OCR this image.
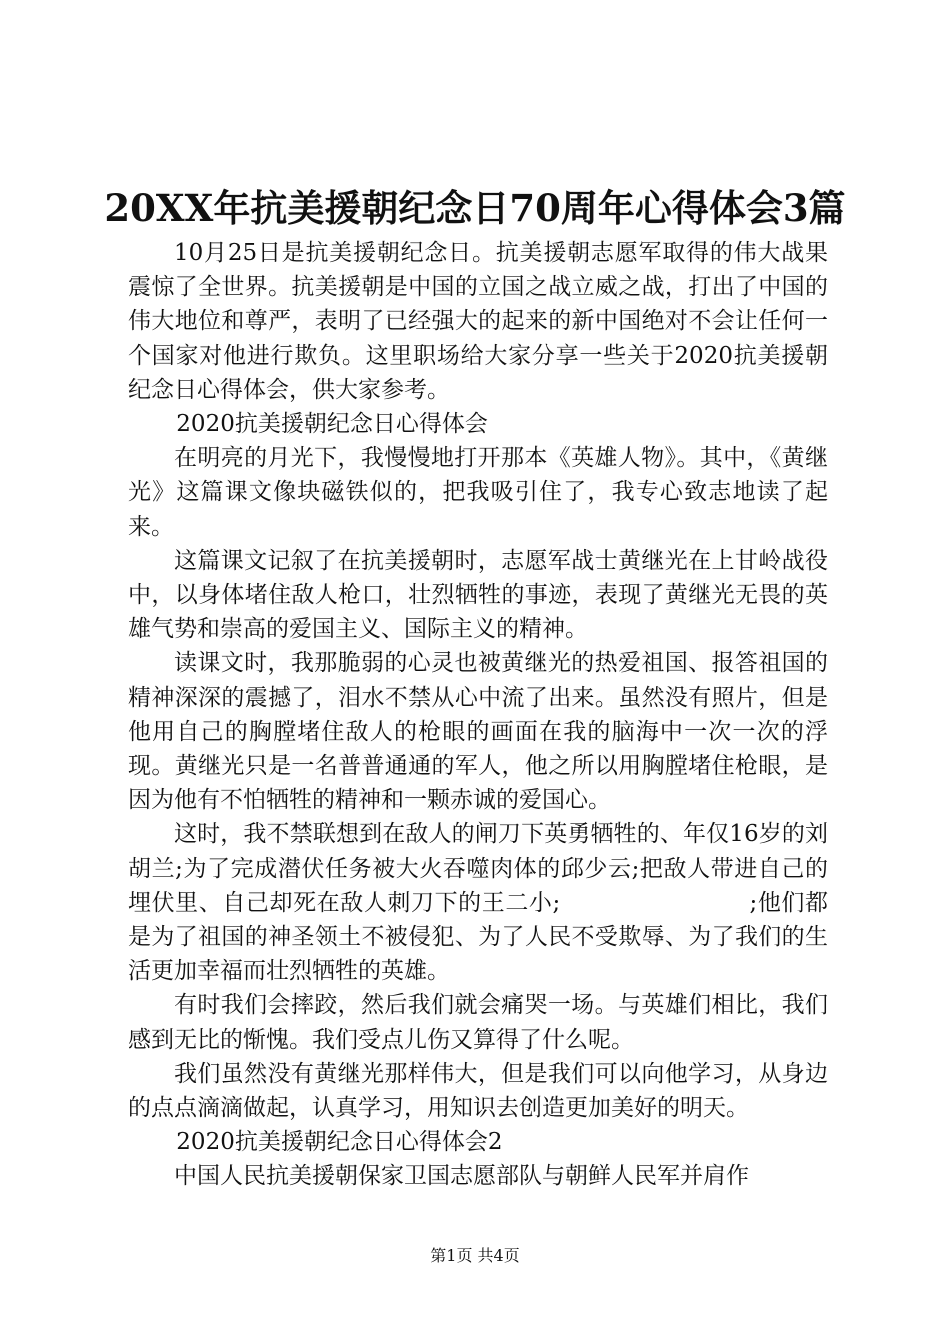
20XX年抗美援朝纪念日70周年心得体会3篇

10月25日是抗美援朝纪念日。抗美援朝志愿军取得的伟大战果震惊了全世界。抗美援朝是中国的立国之战立威之战，打出了中国的伟大地位和尊严，表明了已经强大的起来的新中国绝对不会让任何一个国家对他进行欺负。这里职场给大家分享一些关于2020抗美援朝纪念日心得体会，供大家参考。

2020抗美援朝纪念日心得体会

在明亮的月光下，我慢慢地打开那本《英雄人物》。其中，《黄继光》这篇课文像块磁铁似的，把我吸引住了，我专心致志地读了起来。

这篇课文记叙了在抗美援朝时，志愿军战士黄继光在上甘岭战役中，以身体堵住敌人枪口，壮烈牺牲的事迹，表现了黄继光无畏的英雄气势和崇高的爱国主义、国际主义的精神。

读课文时，我那脆弱的心灵也被黄继光的热爱祖国、报答祖国的精神深深的震撼了，泪水不禁从心中流了出来。虽然没有照片，但是他用自己的胸膛堵住敌人的枪眼的画面在我的脑海中一次一次的浮现。黄继光只是一名普普通通的军人，他之所以用胸膛堵住枪眼，是因为他有不怕牺牲的精神和一颗赤诚的爱国心。

这时，我不禁联想到在敌人的闸刀下英勇牺牲的、年仅16岁的刘胡兰;为了完成潜伏任务被大火吞噬肉体的邱少云;把敌人带进自己的埋伏里、自己却死在敌人刺刀下的王二小;　　　　　　　　;他们都是为了祖国的神圣领土不被侵犯、为了人民不受欺辱、为了我们的生活更加幸福而壮烈牺牲的英雄。

有时我们会摔跤，然后我们就会痛哭一场。与英雄们相比，我们感到无比的惭愧。我们受点儿伤又算得了什么呢。

我们虽然没有黄继光那样伟大，但是我们可以向他学习，从身边的点点滴滴做起，认真学习，用知识去创造更加美好的明天。

2020抗美援朝纪念日心得体会2

中国人民抗美援朝保家卫国志愿部队与朝鲜人民军并肩作

第1页 共4页
